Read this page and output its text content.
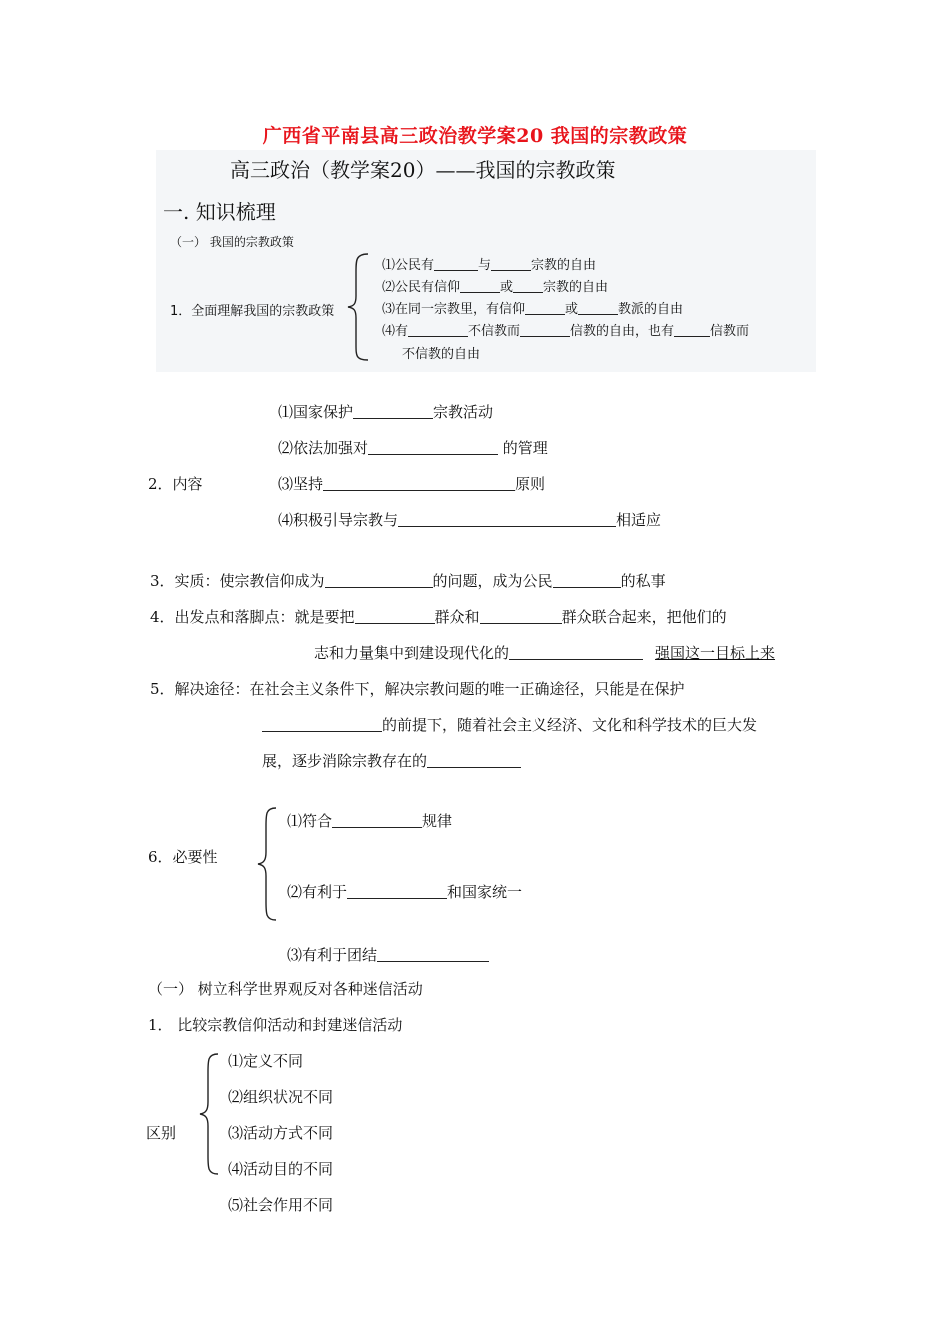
广西省平南县高三政治教学案20 我国的宗教政策
高三政治（教学案20）——我国的宗教政策
一. 知识梳理
（一） 我国的宗教政策
1．全面理解我国的宗教政策
⑴公民有	与	宗教的自由
⑵公民有信仰	或 宗教的自由
⑶在同一宗教里，有信仰	或	教派的自由
⑷有	不信教而	信教的自由，也有	信教而
不信教的自由
⑴国家保护	宗教活动
⑵依法加强对	的管理
2．内容	⑶坚持	原则
⑷积极引导宗教与	相适应
3．实质：使宗教信仰成为	的问题，成为公民	的私事
4．出发点和落脚点：就是要把	群众和	群众联合起来，把他们的
志和力量集中到建设现代化的	强国这一目标上来
5．解决途径：在社会主义条件下，解决宗教问题的唯一正确途径，只能是在保护
的前提下，随着社会主义经济、文化和科学技术的巨大发
展，逐步消除宗教存在的
6．必要性
⑴符合	规律
⑵有利于	和国家统一
⑶有利于团结
（一） 树立科学世界观反对各种迷信活动
1． 比较宗教信仰活动和封建迷信活动
区别
⑴定义不同
⑵组织状况不同
⑶活动方式不同
⑷活动目的不同
⑸社会作用不同
